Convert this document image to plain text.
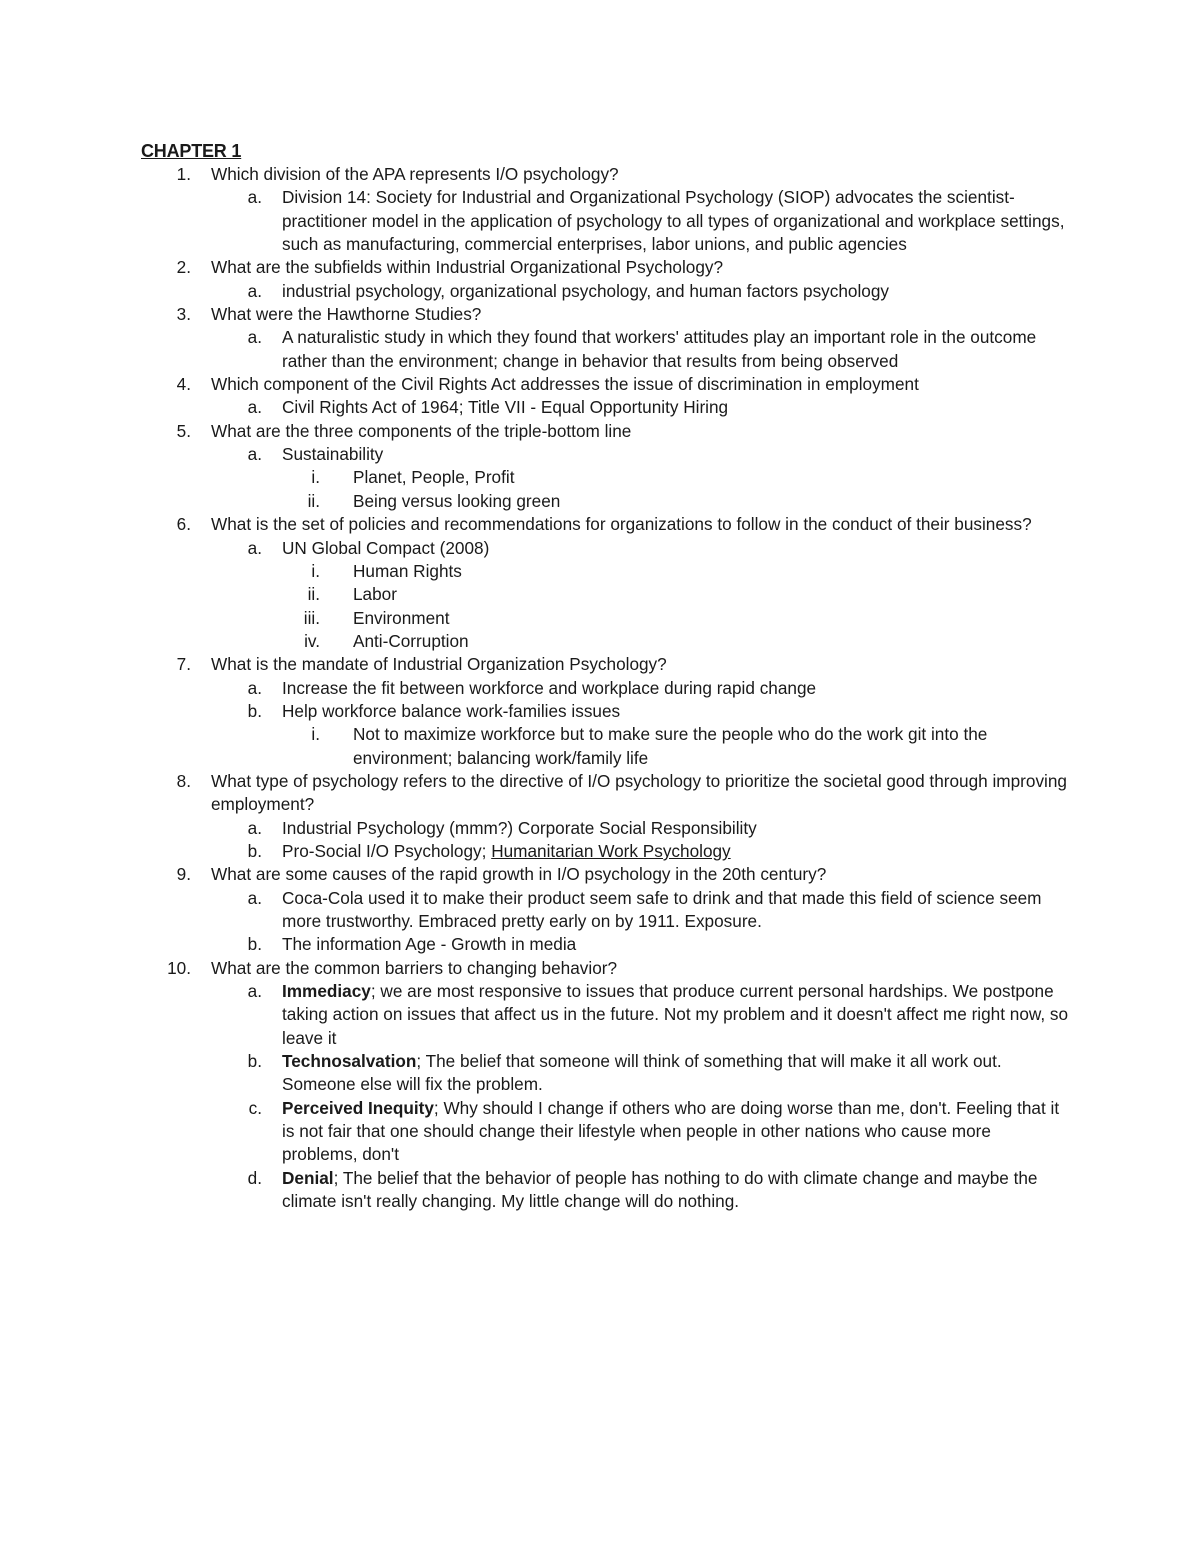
CHAPTER 1
1. Which division of the APA represents I/O psychology?
a. Division 14: Society for Industrial and Organizational Psychology (SIOP) advocates the scientist-practitioner model in the application of psychology to all types of organizational and workplace settings, such as manufacturing, commercial enterprises, labor unions, and public agencies
2. What are the subfields within Industrial Organizational Psychology?
a. industrial psychology, organizational psychology, and human factors psychology
3. What were the Hawthorne Studies?
a. A naturalistic study in which they found that workers' attitudes play an important role in the outcome rather than the environment; change in behavior that results from being observed
4. Which component of the Civil Rights Act addresses the issue of discrimination in employment
a. Civil Rights Act of 1964; Title VII - Equal Opportunity Hiring
5. What are the three components of the triple-bottom line
a. Sustainability
i. Planet, People, Profit
ii. Being versus looking green
6. What is the set of policies and recommendations for organizations to follow in the conduct of their business?
a. UN Global Compact (2008)
i. Human Rights
ii. Labor
iii. Environment
iv. Anti-Corruption
7. What is the mandate of Industrial Organization Psychology?
a. Increase the fit between workforce and workplace during rapid change
b. Help workforce balance work-families issues
i. Not to maximize workforce but to make sure the people who do the work git into the environment; balancing work/family life
8. What type of psychology refers to the directive of I/O psychology to prioritize the societal good through improving employment?
a. Industrial Psychology (mmm?) Corporate Social Responsibility
b. Pro-Social I/O Psychology; Humanitarian Work Psychology
9. What are some causes of the rapid growth in I/O psychology in the 20th century?
a. Coca-Cola used it to make their product seem safe to drink and that made this field of science seem more trustworthy. Embraced pretty early on by 1911. Exposure.
b. The information Age - Growth in media
10. What are the common barriers to changing behavior?
a. Immediacy; we are most responsive to issues that produce current personal hardships. We postpone taking action on issues that affect us in the future. Not my problem and it doesn't affect me right now, so leave it
b. Technosalvation; The belief that someone will think of something that will make it all work out. Someone else will fix the problem.
c. Perceived Inequity; Why should I change if others who are doing worse than me, don't. Feeling that it is not fair that one should change their lifestyle when people in other nations who cause more problems, don't
d. Denial; The belief that the behavior of people has nothing to do with climate change and maybe the climate isn't really changing. My little change will do nothing.
